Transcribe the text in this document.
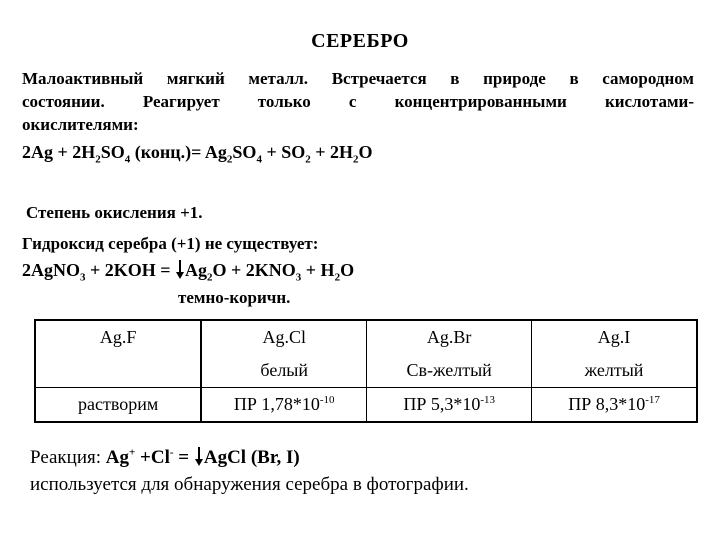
СЕРЕБРО
Малоактивный мягкий металл. Встречается в природе в самородном
состоянии. Реагирует только с концентрированными кислотами-
окислителями:
$2Ag + 2H_2SO_4$ (конц.)= $Ag_2SO_4 + SO_2 + 2H_2O$
Степень окисления +1.
Гидроксид серебра (+1) не существует:
2AgNO$_3$ + $2KOH = Ag_2O + 2KNO_3 + H_2O$
темно-коричн.
Ag.F	Ag.Cl	Ag.Br	Ag.I
	белый	Св-желтый	желтый
растворим	ПР $1,78*10^{-10}$	ПР $5,3*10^{-13}$	ПР $8,3*10^{-17}$
Реакция: Ag+ +Cl- = AgCl (Br, I)
используется для обнаружения серебра в фотографии.
